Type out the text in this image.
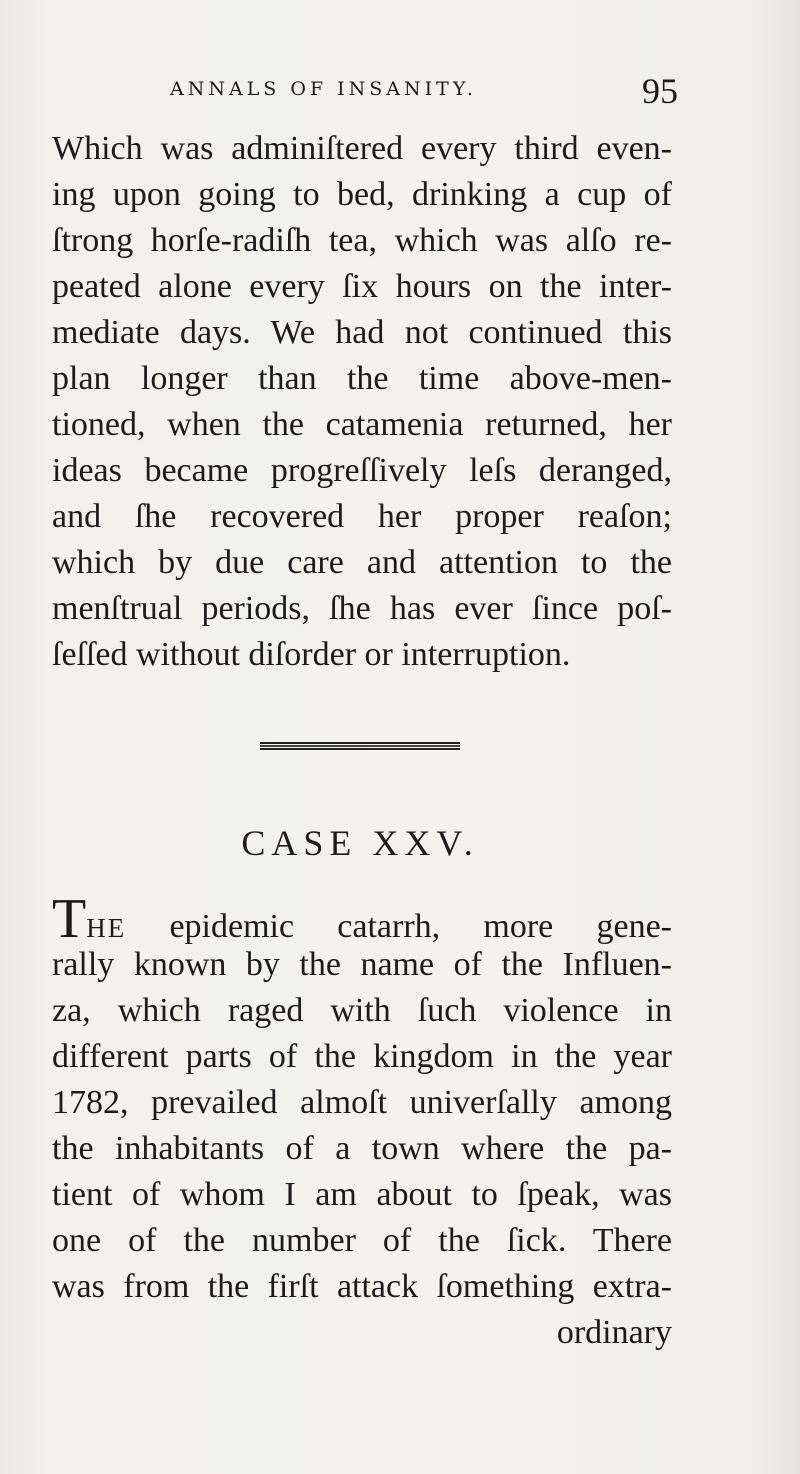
ANNALS OF INSANITY.	95
Which was adminiſtered every third even-
ing upon going to bed, drinking a cup of
ſtrong horſe-radiſh tea, which was alſo re-
peated alone every ſix hours on the inter-
mediate days. We had not continued this
plan longer than the time above-men-
tioned, when the catamenia returned, her
ideas became progreſſively leſs deranged,
and ſhe recovered her proper reaſon;
which by due care and attention to the
menſtrual periods, ſhe has ever ſince poſ-
ſeſſed without diſorder or interruption.
CASE XXV.
THE epidemic catarrh, more gene-
rally known by the name of the Influen-
za, which raged with ſuch violence in
different parts of the kingdom in the year
1782, prevailed almoſt univerſally among
the inhabitants of a town where the pa-
tient of whom I am about to ſpeak, was
one of the number of the ſick. There
was from the firſt attack ſomething extra-
ordinary
